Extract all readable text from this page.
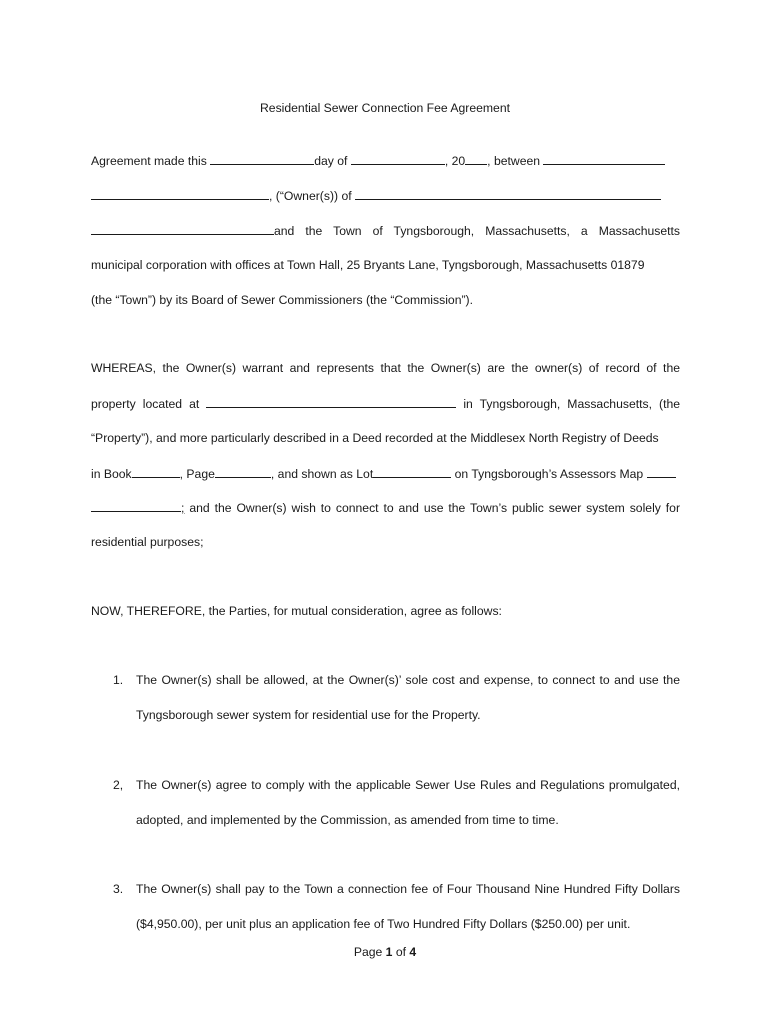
Residential Sewer Connection Fee Agreement
Agreement made this	day of	, 20 , between
, (“Owner(s)) of
and the Town of Tyngsborough, Massachusetts, a Massachusetts
municipal corporation with offices at Town Hall, 25 Bryants Lane, Tyngsborough, Massachusetts 01879
(the “Town”) by its Board of Sewer Commissioners (the “Commission”).
WHEREAS, the Owner(s) warrant and represents that the Owner(s) are the owner(s) of record of the
property located at	in Tyngsborough, Massachusetts, (the
“Property”), and more particularly described in a Deed recorded at the Middlesex North Registry of Deeds
in Book	, Page	, and shown as Lot	on Tyngsborough’s Assessors Map
; and the Owner(s) wish to connect to and use the Town’s public sewer system solely for
residential purposes;
NOW, THEREFORE, the Parties, for mutual consideration, agree as follows:
1. The Owner(s) shall be allowed, at the Owner(s)’ sole cost and expense, to connect to and use the
Tyngsborough sewer system for residential use for the Property.
2, The Owner(s) agree to comply with the applicable Sewer Use Rules and Regulations promulgated,
adopted, and implemented by the Commission, as amended from time to time.
3. The Owner(s) shall pay to the Town a connection fee of Four Thousand Nine Hundred Fifty Dollars
($4,950.00), per unit plus an application fee of Two Hundred Fifty Dollars ($250.00) per unit.
Page 1 of 4
